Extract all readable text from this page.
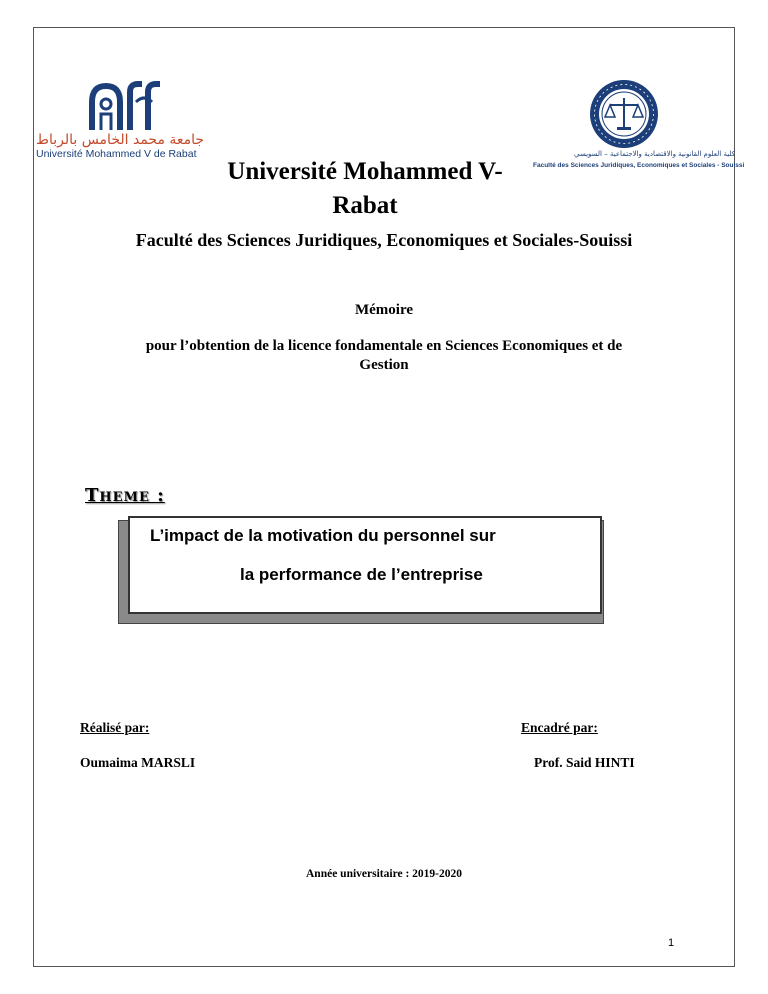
جامعة محمد الخامس بالرباط
Université Mohammed V de Rabat	كلية العلوم القانونية والاقتصادية والاجتماعية – السويسي
Faculté des Sciences Juridiques, Economiques et Sociales - Souissi
Université Mohammed V-
Rabat
Faculté des Sciences Juridiques, Economiques et Sociales-Souissi
Mémoire
pour l’obtention de la licence fondamentale en Sciences Economiques et de
Gestion
Theme :
L’impact de la motivation du personnel sur
la performance de l’entreprise
Réalisé par:	Encadré par:
Oumaima MARSLI	Prof. Said HINTI
Année universitaire : 2019-2020
1
